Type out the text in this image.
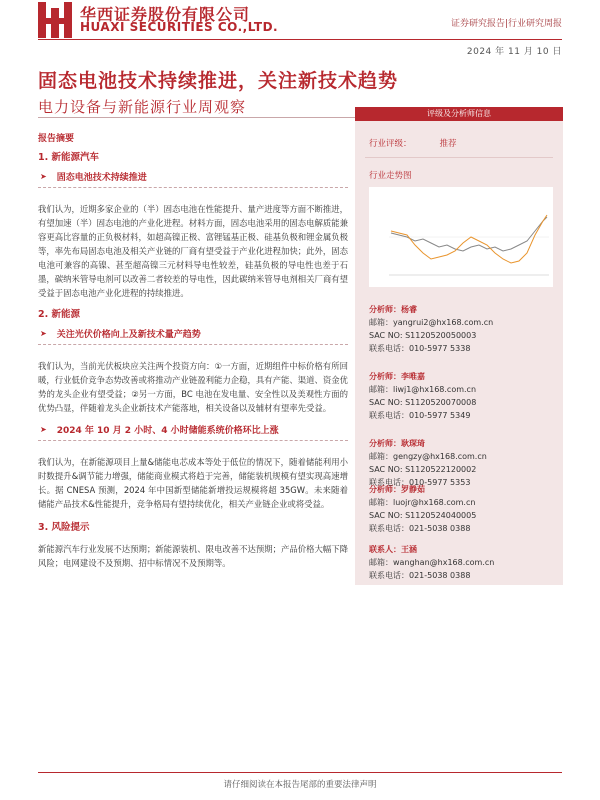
华西证券股份有限公司
HUAXI SECURITIES CO.,LTD.	证券研究报告|行业研究周报
2024 年 11 月 10 日
固态电池技术持续推进，关注新技术趋势
电力设备与新能源行业周观察
报告摘要
1. 新能源汽车
➤ 固态电池技术持续推进

我们认为，近期多家企业的（半）固态电池在性能提升、量产进度等方面不断推进，有望加速（半）固态电池的产业化进程。材料方面，固态电池采用的固态电解质能兼容更高比容量的正负极材料，如超高镍正极、富锂锰基正极、硅基负极和锂金属负极等，率先布局固态电池及相关产业链的厂商有望受益于产业化进程加快；此外，固态电池可兼容的高镍、甚至超高镍三元材料导电性较差，硅基负极的导电性也差于石墨，碳纳米管导电剂可以改善二者较差的导电性，因此碳纳米管导电剂相关厂商有望受益于固态电池产业化进程的持续推进。

2. 新能源
➤ 关注光伏价格向上及新技术量产趋势

我们认为，当前光伏板块应关注两个投资方向：①一方面，近期组件中标价格有所回暖，行业低价竞争态势改善或将推动产业链盈利能力企稳，具有产能、渠道、资金优势的龙头企业有望受益；②另一方面，BC 电池在发电量、安全性以及美观性方面的优势凸显，伴随着龙头企业新技术产能落地，相关设备以及辅材有望率先受益。

➤ 2024 年 10 月 2 小时、4 小时储能系统价格环比上涨

我们认为，在新能源项目上量&储能电芯成本等处于低位的情况下，随着储能利用小时数提升&调节能力增强，储能商业模式将趋于完善，储能装机规模有望实现高速增长。据 CNESA 预测，2024 年中国新型储能新增投运规模将超 35GW。未来随着储能产品技术&性能提升，竞争格局有望持续优化，相关产业链企业或将受益。

3. 风险提示

新能源汽车行业发展不达预期；新能源装机、限电改善不达预期；产品价格大幅下降风险；电网建设不及预期、招中标情况不及预期等。

评级及分析师信息
行业评级：	推荐
行业走势图
分析师：杨睿
邮箱：yangrui2@hx168.com.cn
SAC NO: S1120520050003
联系电话：010-5977 5338
分析师：李唯嘉
邮箱：liwj1@hx168.com.cn
SAC NO: S1120520070008
联系电话：010-5977 5349
分析师：耿琛琦
邮箱：gengzy@hx168.com.cn
SAC NO: S1120522120002
联系电话：010-5977 5353
分析师：罗静茹
邮箱：luojr@hx168.com.cn
SAC NO: S1120524040005
联系电话：021-5038 0388
联系人：王涵
邮箱：wanghan@hx168.com.cn
联系电话：021-5038 0388
请仔细阅读在本报告尾部的重要法律声明
